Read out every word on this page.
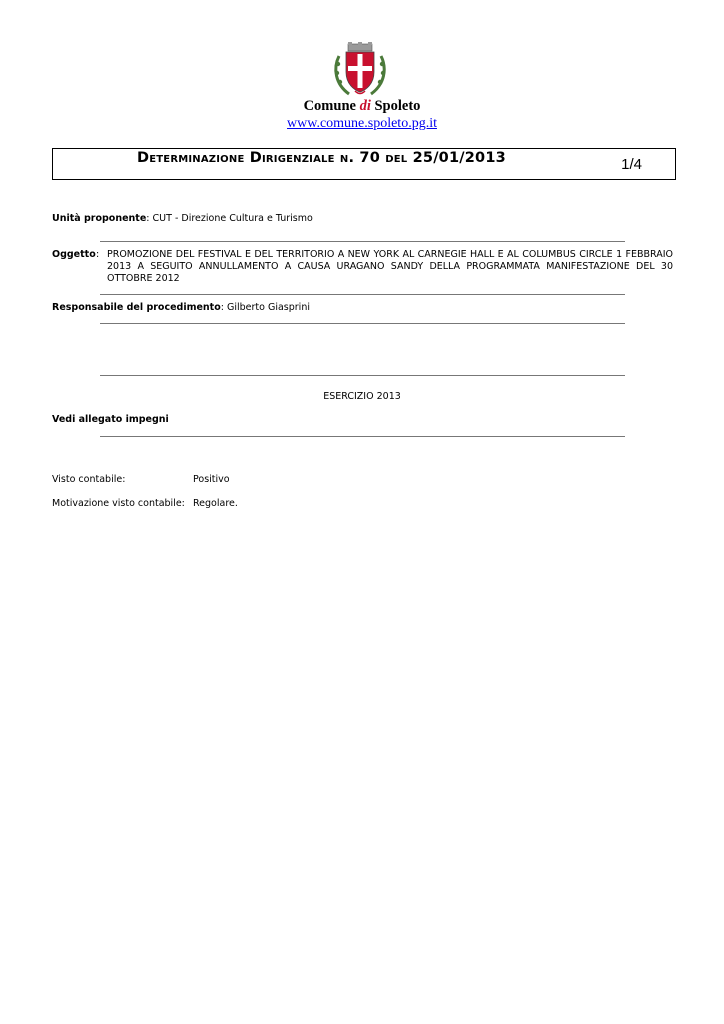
Comune di Spoleto
www.comune.spoleto.pg.it
Determinazione Dirigenziale n. 70 del 25/01/2013	1/4
Unità proponente: CUT - Direzione Cultura e Turismo
Oggetto : PROMOZIONE DEL FESTIVAL E DEL TERRITORIO A NEW YORK AL CARNEGIE HALL E AL COLUMBUS CIRCLE 1 FEBBRAIO 2013 A SEGUITO ANNULLAMENTO A CAUSA URAGANO SANDY DELLA PROGRAMMATA MANIFESTAZIONE DEL 30 OTTOBRE 2012
Responsabile del procedimento: Gilberto Giasprini
ESERCIZIO 2013
Vedi allegato impegni
Visto contabile:	Positivo
Motivazione visto contabile: Regolare.
